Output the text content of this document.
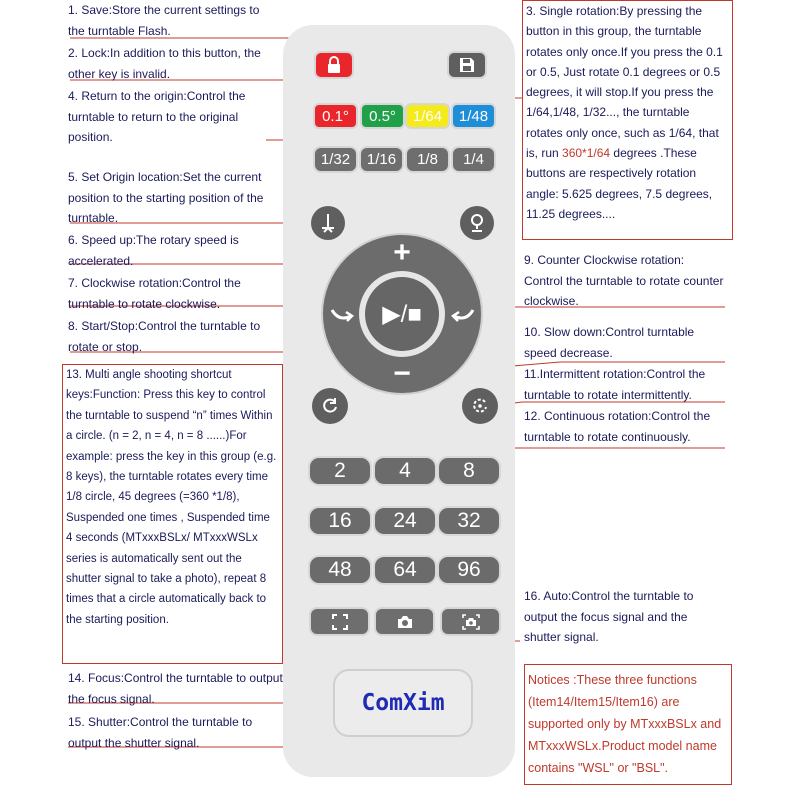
1. Save:Store the current settings to the turntable Flash.
2. Lock:In addition to this button, the other key is invalid.
4. Return to the origin:Control the turntable to return to the original position.
5. Set Origin location:Set the current position to the starting position of the turntable.
6. Speed up:The rotary speed is accelerated.
7. Clockwise rotation:Control the turntable to rotate clockwise.
8. Start/Stop:Control the turntable to rotate or stop.
13. Multi angle shooting shortcut keys:Function: Press this key to control the turntable to suspend “n” times Within a circle. (n = 2, n = 4, n = 8 ......)For example: press the key in this group (e.g. 8 keys), the turntable rotates every time 1/8 circle, 45 degrees (=360 *1/8), Suspended one times , Suspended time 4 seconds (MTxxxBSLx/ MTxxxWSLx series is automatically sent out the shutter signal to take a photo), repeat 8 times that a circle automatically back to the starting position.
14. Focus:Control the turntable to output the focus signal.
15. Shutter:Control the turntable to output the shutter signal.
3. Single rotation:By pressing the button in this group, the turntable rotates only once.If you press the 0.1 or 0.5, Just rotate 0.1 degrees or 0.5 degrees, it will stop.If you press the 1/64,1/48, 1/32..., the turntable rotates only once, such as 1/64, that is, run 360*1/64 degrees .These buttons are respectively rotation angle: 5.625 degrees, 7.5 degrees, 11.25 degrees....
9. Counter Clockwise rotation: Control the turntable to rotate counter clockwise.
10. Slow down:Control turntable speed decrease.
11.Intermittent rotation:Control the turntable to rotate intermittently.
12. Continuous rotation:Control the turntable to rotate continuously.
16. Auto:Control the turntable to output the focus signal and the shutter signal.
Notices :These three functions (Item14/Item15/Item16) are supported only by MTxxxBSLx and MTxxxWSLx.Product model name contains "WSL" or "BSL".
0.1° 0.5° 1/64 1/48
1/32 1/16 1/8 1/4
+
−
▶/■
2	4 8
16 24 32
48 64 96
ComXim
